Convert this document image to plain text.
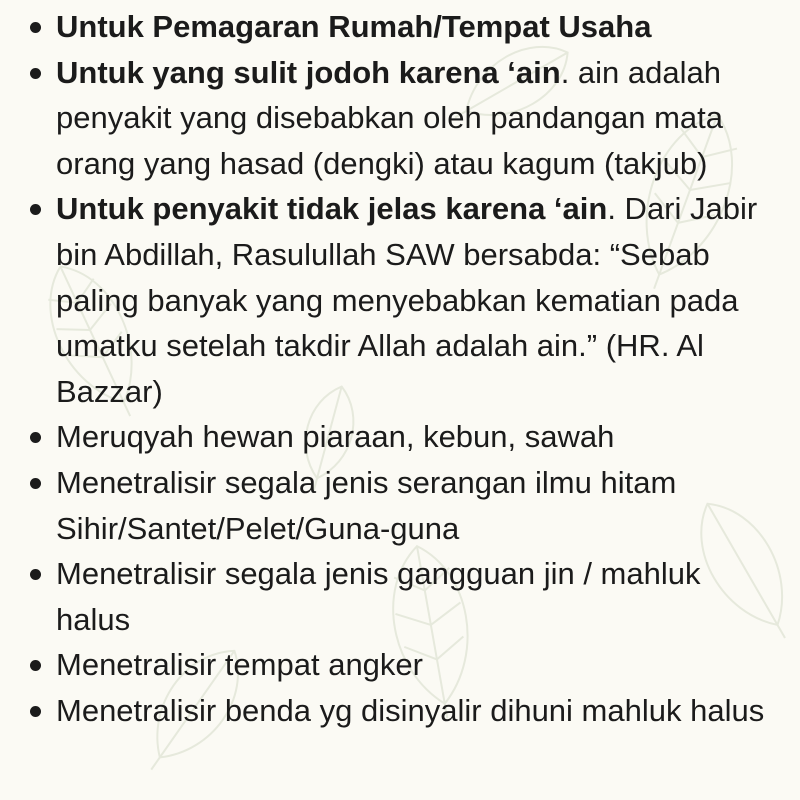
Untuk Pemagaran Rumah/Tempat Usaha
Untuk yang sulit jodoh karena ‘ain. ain adalah penyakit yang disebabkan oleh pandangan mata orang yang hasad (dengki) atau kagum (takjub)
Untuk penyakit tidak jelas karena ‘ain. Dari Jabir bin Abdillah, Rasulullah SAW bersabda: “Sebab paling banyak yang menyebabkan kematian pada umatku setelah takdir Allah adalah ain.” (HR. Al Bazzar)
Meruqyah hewan piaraan, kebun, sawah
Menetralisir segala jenis serangan ilmu hitam Sihir/Santet/Pelet/Guna-guna
Menetralisir segala jenis gangguan jin / mahluk halus
Menetralisir tempat angker
Menetralisir benda yg disinyalir dihuni mahluk halus
